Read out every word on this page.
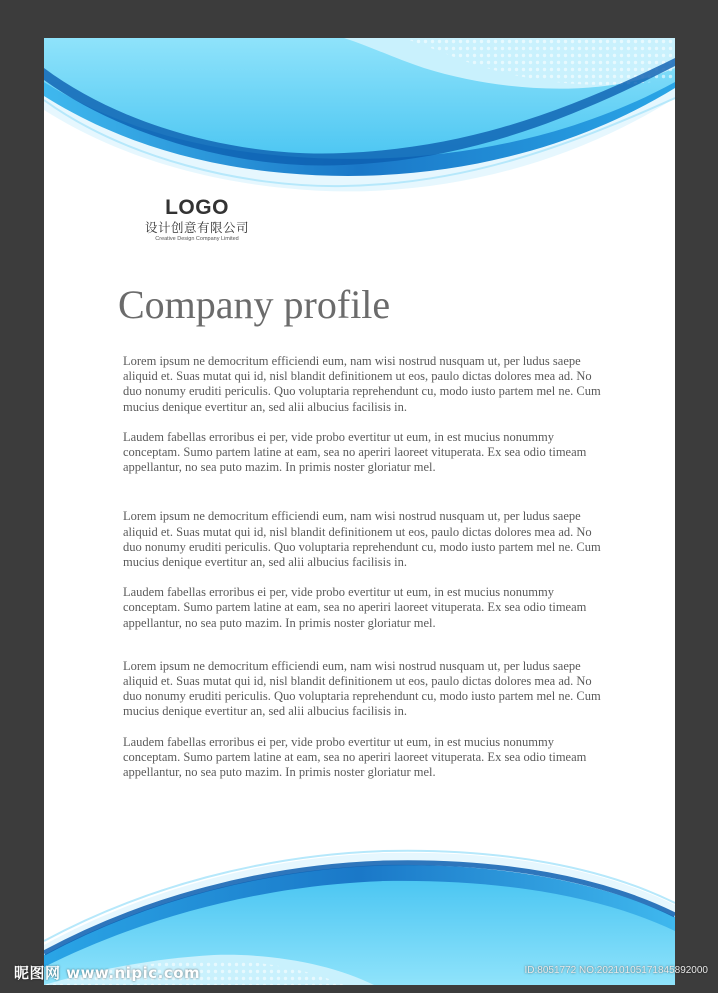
LOGO
设计创意有限公司
Creative Design Company Limited
Company profile

Lorem ipsum ne democritum efficiendi eum, nam wisi nostrud nusquam ut, per ludus saepe aliquid et. Suas mutat qui id, nisl blandit definitionem ut eos, paulo dictas dolores mea ad. No duo nonumy eruditi periculis. Quo voluptaria reprehendunt cu, modo iusto partem mel ne. Cum mucius denique evertitur an, sed alii albucius facilisis in.

Laudem fabellas erroribus ei per, vide probo evertitur ut eum, in est mucius nonummy conceptam. Sumo partem latine at eam, sea no aperiri laoreet vituperata. Ex sea odio timeam appellantur, no sea puto mazim. In primis noster gloriatur mel.

Lorem ipsum ne democritum efficiendi eum, nam wisi nostrud nusquam ut, per ludus saepe aliquid et. Suas mutat qui id, nisl blandit definitionem ut eos, paulo dictas dolores mea ad. No duo nonumy eruditi periculis. Quo voluptaria reprehendunt cu, modo iusto partem mel ne. Cum mucius denique evertitur an, sed alii albucius facilisis in.

Laudem fabellas erroribus ei per, vide probo evertitur ut eum, in est mucius nonummy conceptam. Sumo partem latine at eam, sea no aperiri laoreet vituperata. Ex sea odio timeam appellantur, no sea puto mazim. In primis noster gloriatur mel.

Lorem ipsum ne democritum efficiendi eum, nam wisi nostrud nusquam ut, per ludus saepe aliquid et. Suas mutat qui id, nisl blandit definitionem ut eos, paulo dictas dolores mea ad. No duo nonumy eruditi periculis. Quo voluptaria reprehendunt cu, modo iusto partem mel ne. Cum mucius denique evertitur an, sed alii albucius facilisis in.

Laudem fabellas erroribus ei per, vide probo evertitur ut eum, in est mucius nonummy conceptam. Sumo partem latine at eam, sea no aperiri laoreet vituperata. Ex sea odio timeam appellantur, no sea puto mazim. In primis noster gloriatur mel.

昵图网 www.nipic.com	ID:8051772 NO:20210105171845892000
